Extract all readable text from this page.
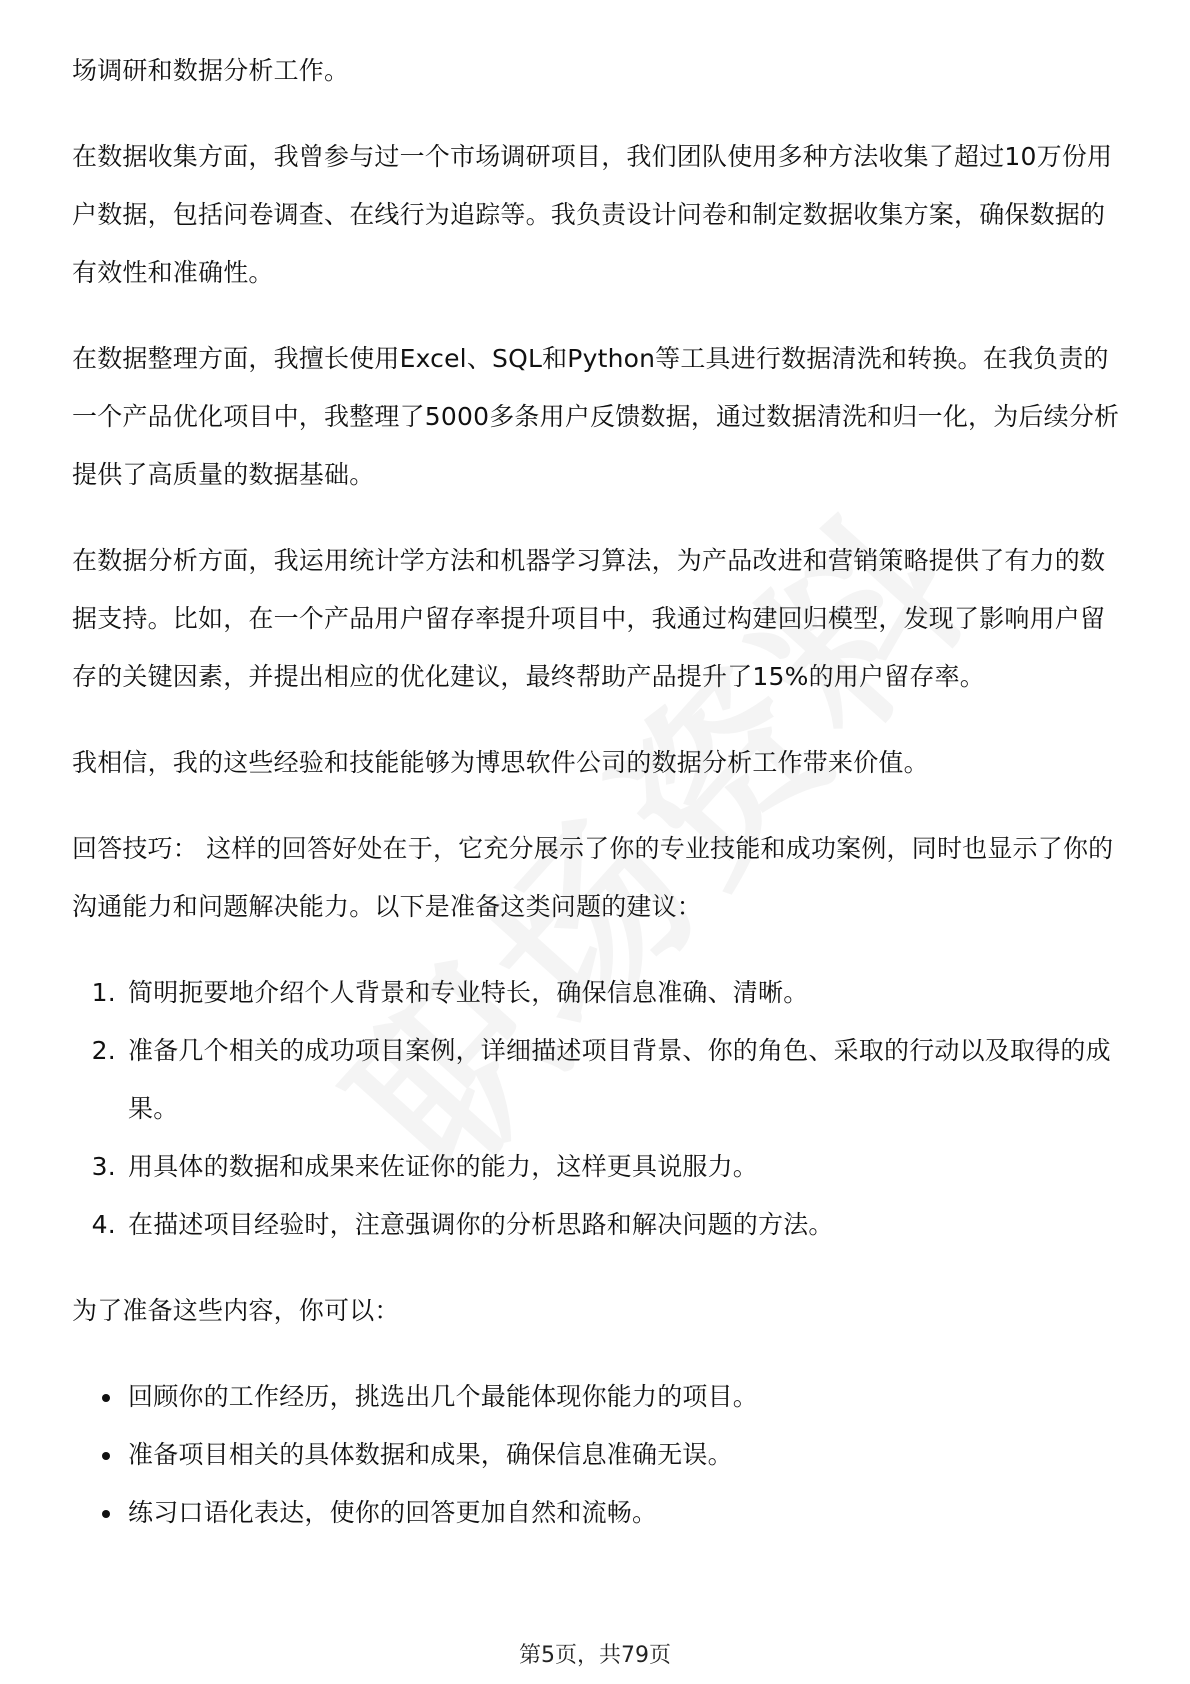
场调研和数据分析工作。

在数据收集方面，我曾参与过一个市场调研项目，我们团队使用多种方法收集了超过10万份用户数据，包括问卷调查、在线行为追踪等。我负责设计问卷和制定数据收集方案，确保数据的有效性和准确性。

在数据整理方面，我擅长使用Excel、SQL和Python等工具进行数据清洗和转换。在我负责的一个产品优化项目中，我整理了5000多条用户反馈数据，通过数据清洗和归一化，为后续分析提供了高质量的数据基础。

在数据分析方面，我运用统计学方法和机器学习算法，为产品改进和营销策略提供了有力的数据支持。比如，在一个产品用户留存率提升项目中，我通过构建回归模型，发现了影响用户留存的关键因素，并提出相应的优化建议，最终帮助产品提升了15%的用户留存率。

我相信，我的这些经验和技能能够为博思软件公司的数据分析工作带来价值。

回答技巧： 这样的回答好处在于，它充分展示了你的专业技能和成功案例，同时也显示了你的沟通能力和问题解决能力。以下是准备这类问题的建议：

1. 简明扼要地介绍个人背景和专业特长，确保信息准确、清晰。
2. 准备几个相关的成功项目案例，详细描述项目背景、你的角色、采取的行动以及取得的成果。
3. 用具体的数据和成果来佐证你的能力，这样更具说服力。
4. 在描述项目经验时，注意强调你的分析思路和解决问题的方法。

为了准备这些内容，你可以：

• 回顾你的工作经历，挑选出几个最能体现你能力的项目。
• 准备项目相关的具体数据和成果，确保信息准确无误。
• 练习口语化表达，使你的回答更加自然和流畅。
第5页，共79页
